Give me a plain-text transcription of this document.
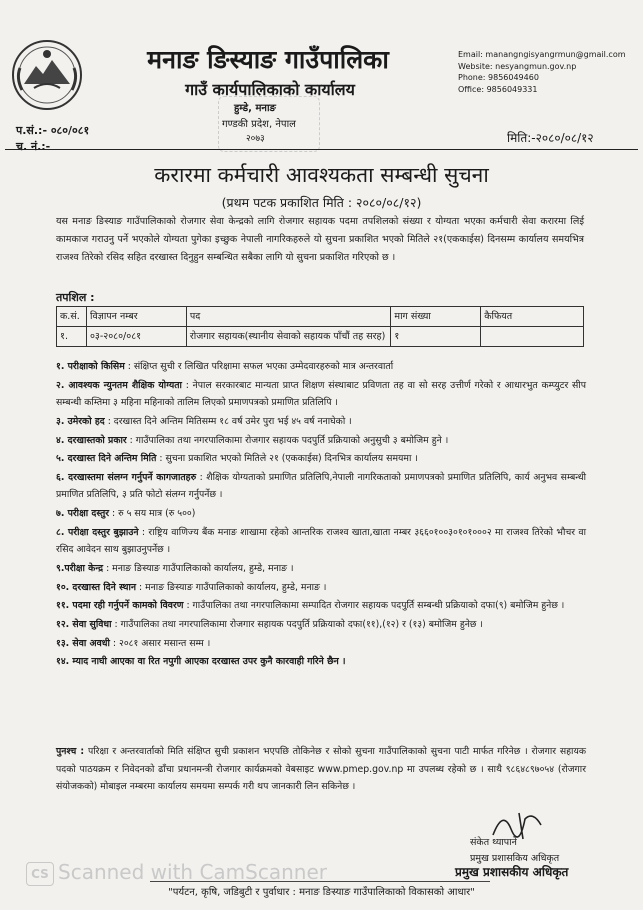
मनाङ ङिस्याङ गाउँपालिका
गाउँ कार्यपालिकाको कार्यालय
हुम्डे, मनाङ
गण्डकी प्रदेश, नेपाल
२०७३
Email: manangngisyangrmun@gmail.com
Website: nesyangmun.gov.np
Phone: 9856049460
Office: 9856049331
प.सं.:- ०८०/०८१
च. नं.:-
मिति:-२०८०/०८/१२
करारमा कर्मचारी आवश्यकता सम्बन्धी सुचना
(प्रथम पटक प्रकाशित मिति : २०८०/०८/१२)
यस मनाङ ङिस्याङ गाउँपालिकाको रोजगार सेवा केन्द्रको लागि रोजगार सहायक पदमा तपशिलको संख्या र योग्यता भएका कर्मचारी सेवा करारमा लिई कामकाज गराउनु पर्ने भएकोले योग्यता पुगेका इच्छुक नेपाली नागरिकहरुले यो सुचना प्रकाशित भएको मितिले २१(एककाईस) दिनसम्म कार्यालय समयभित्र राजश्व तिरेको रसिद सहित दरखास्त दिनुहुन सम्बन्धित सबैका लागि यो सुचना प्रकाशित गरिएको छ ।
तपशिल :
क.सं.	विज्ञापन नम्बर	पद	माग संख्या	कैफियत
१.	०३-२०८०/०८१	रोजगार सहायक(स्थानीय सेवाको सहायक पाँचौं तह सरह)	१	

१. परीक्षाको किसिम : संक्षिप्त सुची र लिखित परिक्षामा सफल भएका उम्मेदवारहरुको मात्र अन्तरवार्ता

२. आवश्यक न्युनतम शैक्षिक योग्यता : नेपाल सरकारबाट मान्यता प्राप्त शिक्षण संस्थाबाट प्रविणता तह वा सो सरह उत्तीर्ण गरेको र आधारभुत कम्प्युटर सीप सम्बन्धी कम्तिमा ३ महिना महिनाको तालिम लिएको प्रमाणपत्रको प्रमाणित प्रतिलिपि ।

३. उमेरको हद : दरखास्त दिने अन्तिम मितिसम्म १८ वर्ष उमेर पुरा भई ४५ वर्ष ननाघेको ।

४. दरखास्तको प्रकार : गाउँपालिका तथा नगरपालिकामा रोजगार सहायक पदपुर्ति प्रक्रियाको अनुसुची ३ बमोजिम हुने ।

५. दरखास्त दिने अन्तिम मिति : सुचना प्रकाशित भएको मितिले २१ (एककाईस) दिनभित्र कार्यालय समयमा ।

६. दरखास्तमा संलग्न गर्नुपर्ने कागजातहरु : शैक्षिक योग्यताको प्रमाणित प्रतिलिपि,नेपाली नागरिकताको प्रमाणपत्रको प्रमाणित प्रतिलिपि, कार्य अनुभव सम्बन्धी प्रमाणित प्रतिलिपि, ३ प्रति फोटो संलग्न गर्नुपर्नेछ ।

७. परीक्षा दस्तुर : रु ५ सय मात्र (रु ५००)

८. परीक्षा दस्तुर बुझाउने : राष्ट्रिय वाणिज्य बैंक मनाङ शाखामा रहेको आन्तरिक राजश्व खाता,खाता नम्बर ३६६०१००३०१०१०००२ मा राजश्व तिरेको भौचर वा रसिद आवेदन साथ बुझाउनुपर्नेछ ।

९.परीक्षा केन्द्र : मनाङ ङिस्याङ गाउँपालिकाको कार्यालय, हुम्डे, मनाङ ।

१०. दरखास्त दिने स्थान : मनाङ ङिस्याङ गाउँपालिकाको कार्यालय, हुम्डे, मनाङ ।

११. पदमा रही गर्नुपर्ने कामको विवरण : गाउँपालिका तथा नगरपालिकामा सम्पादित रोजगार सहायक पदपुर्ति सम्बन्धी प्रक्रियाको दफा(९) बमोजिम हुनेछ ।

१२. सेवा सुविधा : गाउँपालिका तथा नगरपालिकामा रोजगार सहायक पदपुर्ति प्रक्रियाको दफा(११),(१२) र (१३) बमोजिम हुनेछ ।

१३. सेवा अवधी : २०८१ असार मसान्त सम्म ।

१४. म्याद नाघी आएका वा रित नपुगी आएका दरखास्त उपर कुनै कारवाही गरिने छैन ।

पुनश्च : परिक्षा र अन्तरवार्ताको मिति संक्षिप्त सुची प्रकाशन भएपछि तोकिनेछ र सोको सुचना गाउँपालिकाको सुचना पाटी मार्फत गरिनेछ । रोजगार सहायक पदको पाठयक्रम र निवेदनको ढाँचा प्रधानमन्त्री रोजगार कार्यक्रमको वेबसाइट www.pmep.gov.np मा उपलब्ध रहेको छ । साथै ९८६४८९७०५४ (रोजगार संयोजकको) मोबाइल नम्बरमा कार्यालय समयमा सम्पर्क गरी थप जानकारी लिन सकिनेछ ।
संकेत थ्यापाने
प्रमुख प्रशासकिय अधिकृत
प्रमुख प्रशासकीय अधिकृत
CS Scanned with CamScanner
"पर्यटन, कृषि, जडिबुटी र पुर्वाधार : मनाङ ङिस्याङ गाउँपालिकाको विकासको आधार"
